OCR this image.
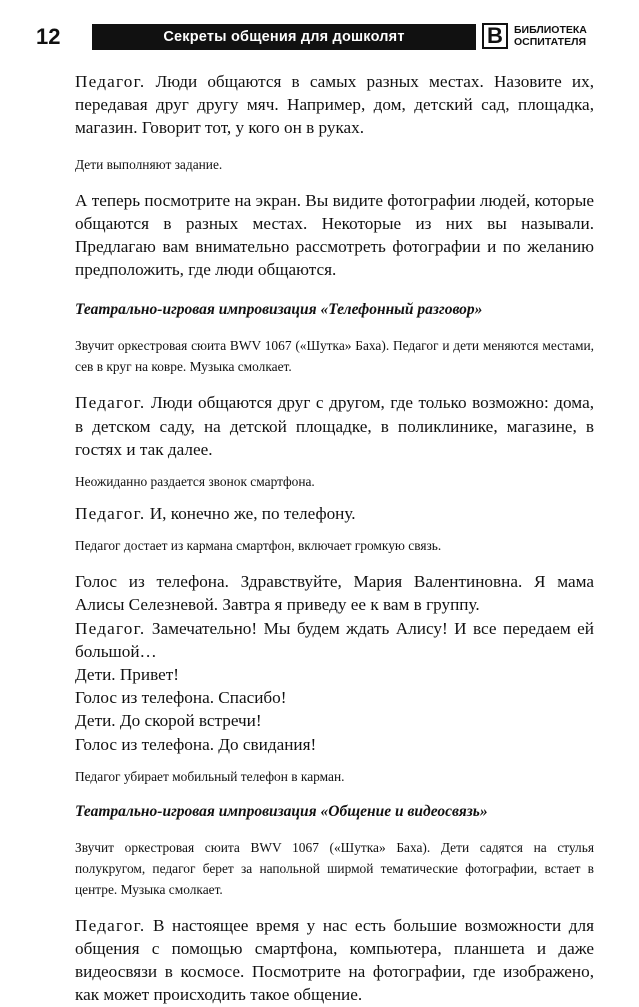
12	Секреты общения для дошколят	В	БИБЛИОТЕКА
ОСПИТАТЕЛЯ

Педагог. Люди общаются в самых разных местах. Назовите их, передавая друг другу мяч. Например, дом, детский сад, площадка, магазин. Говорит тот, у кого он в руках.

Дети выполняют задание.

А теперь посмотрите на экран. Вы видите фотографии людей, которые общаются в разных местах. Некоторые из них вы называли. Предлагаю вам внимательно рассмотреть фотографии и по желанию предположить, где люди общаются.

Театрально-игровая импровизация «Телефонный разговор»

Звучит оркестровая сюита BWV 1067 («Шутка» Баха). Педагог и дети меняются местами, сев в круг на ковре. Музыка смолкает.

Педагог. Люди общаются друг с другом, где только возможно: дома, в детском саду, на детской площадке, в поликлинике, магазине, в гостях и так далее.

Неожиданно раздается звонок смартфона.

Педагог. И, конечно же, по телефону.

Педагог достает из кармана смартфон, включает громкую связь.

Голос из телефона. Здравствуйте, Мария Валентиновна. Я мама Алисы Селезневой. Завтра я приведу ее к вам в группу.

Педагог. Замечательно! Мы будем ждать Алису! И все передаем ей большой…

Дети. Привет!

Голос из телефона. Спасибо!

Дети. До скорой встречи!

Голос из телефона. До свидания!

Педагог убирает мобильный телефон в карман.

Театрально-игровая импровизация «Общение и видеосвязь»

Звучит оркестровая сюита BWV 1067 («Шутка» Баха). Дети садятся на стулья полукругом, педагог берет за напольной ширмой тематические фотографии, встает в центре. Музыка смолкает.

Педагог. В настоящее время у нас есть большие возможности для общения с помощью смартфона, компьютера, планшета и даже видеосвязи в космосе. Посмотрите на фотографии, где изображено, как может происходить такое общение.
